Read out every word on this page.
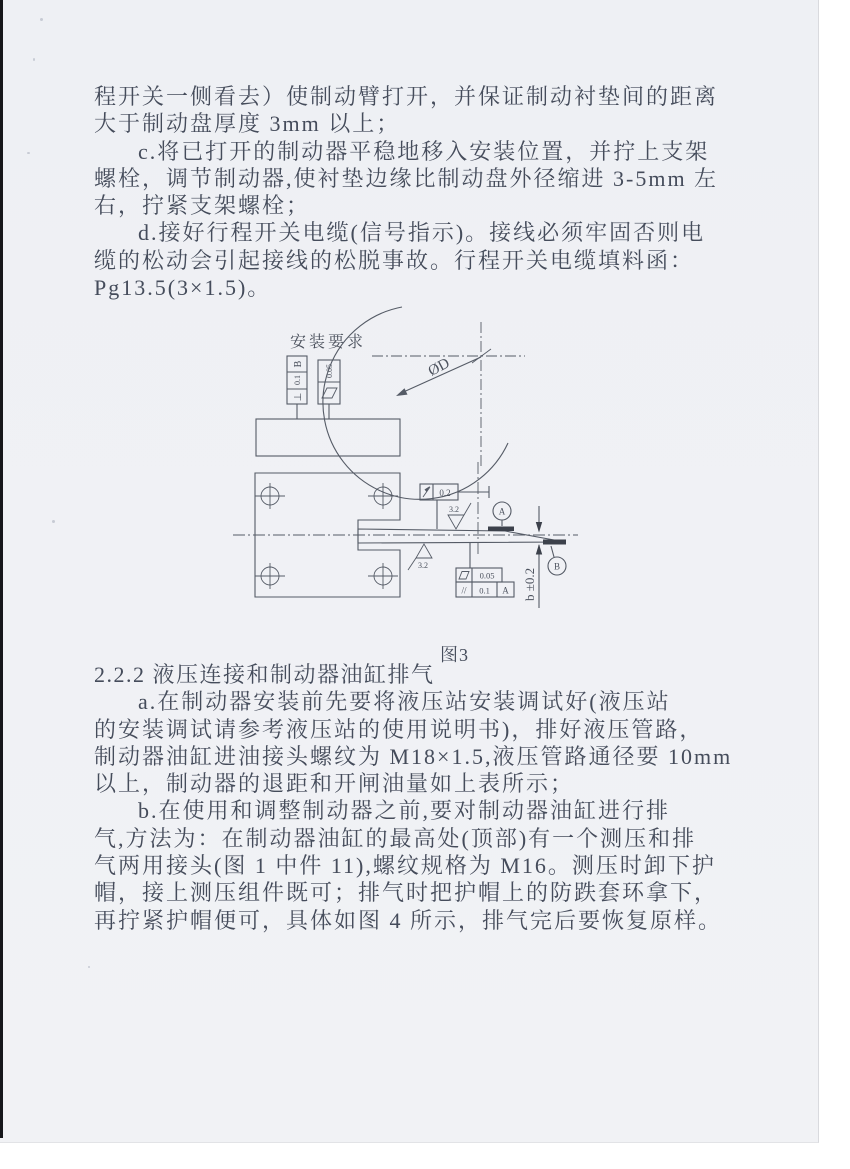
程开关一侧看去）使制动臂打开，并保证制动衬垫间的距离
大于制动盘厚度 3mm 以上；
c.将已打开的制动器平稳地移入安装位置，并拧上支架
螺栓，调节制动器,使衬垫边缘比制动盘外径缩进 3-5mm 左
右，拧紧支架螺栓；
d.接好行程开关电缆(信号指示)。接线必须牢固否则电
缆的松动会引起接线的松脱事故。行程开关电缆填料函：
Pg13.5(3×1.5)。
安装要求
B
0.1
⊥
0.05	ØD
0.2
3.2
3.2
A
B
b ±0.2
0.05
// 0.1 A
图3
2.2.2 液压连接和制动器油缸排气
a.在制动器安装前先要将液压站安装调试好(液压站
的安装调试请参考液压站的使用说明书)，排好液压管路，
制动器油缸进油接头螺纹为 M18×1.5,液压管路通径要 10mm
以上，制动器的退距和开闸油量如上表所示；
b.在使用和调整制动器之前,要对制动器油缸进行排
气,方法为：在制动器油缸的最高处(顶部)有一个测压和排
气两用接头(图 1 中件 11),螺纹规格为 M16。测压时卸下护
帽，接上测压组件既可；排气时把护帽上的防跌套环拿下，
再拧紧护帽便可，具体如图 4 所示，排气完后要恢复原样。
